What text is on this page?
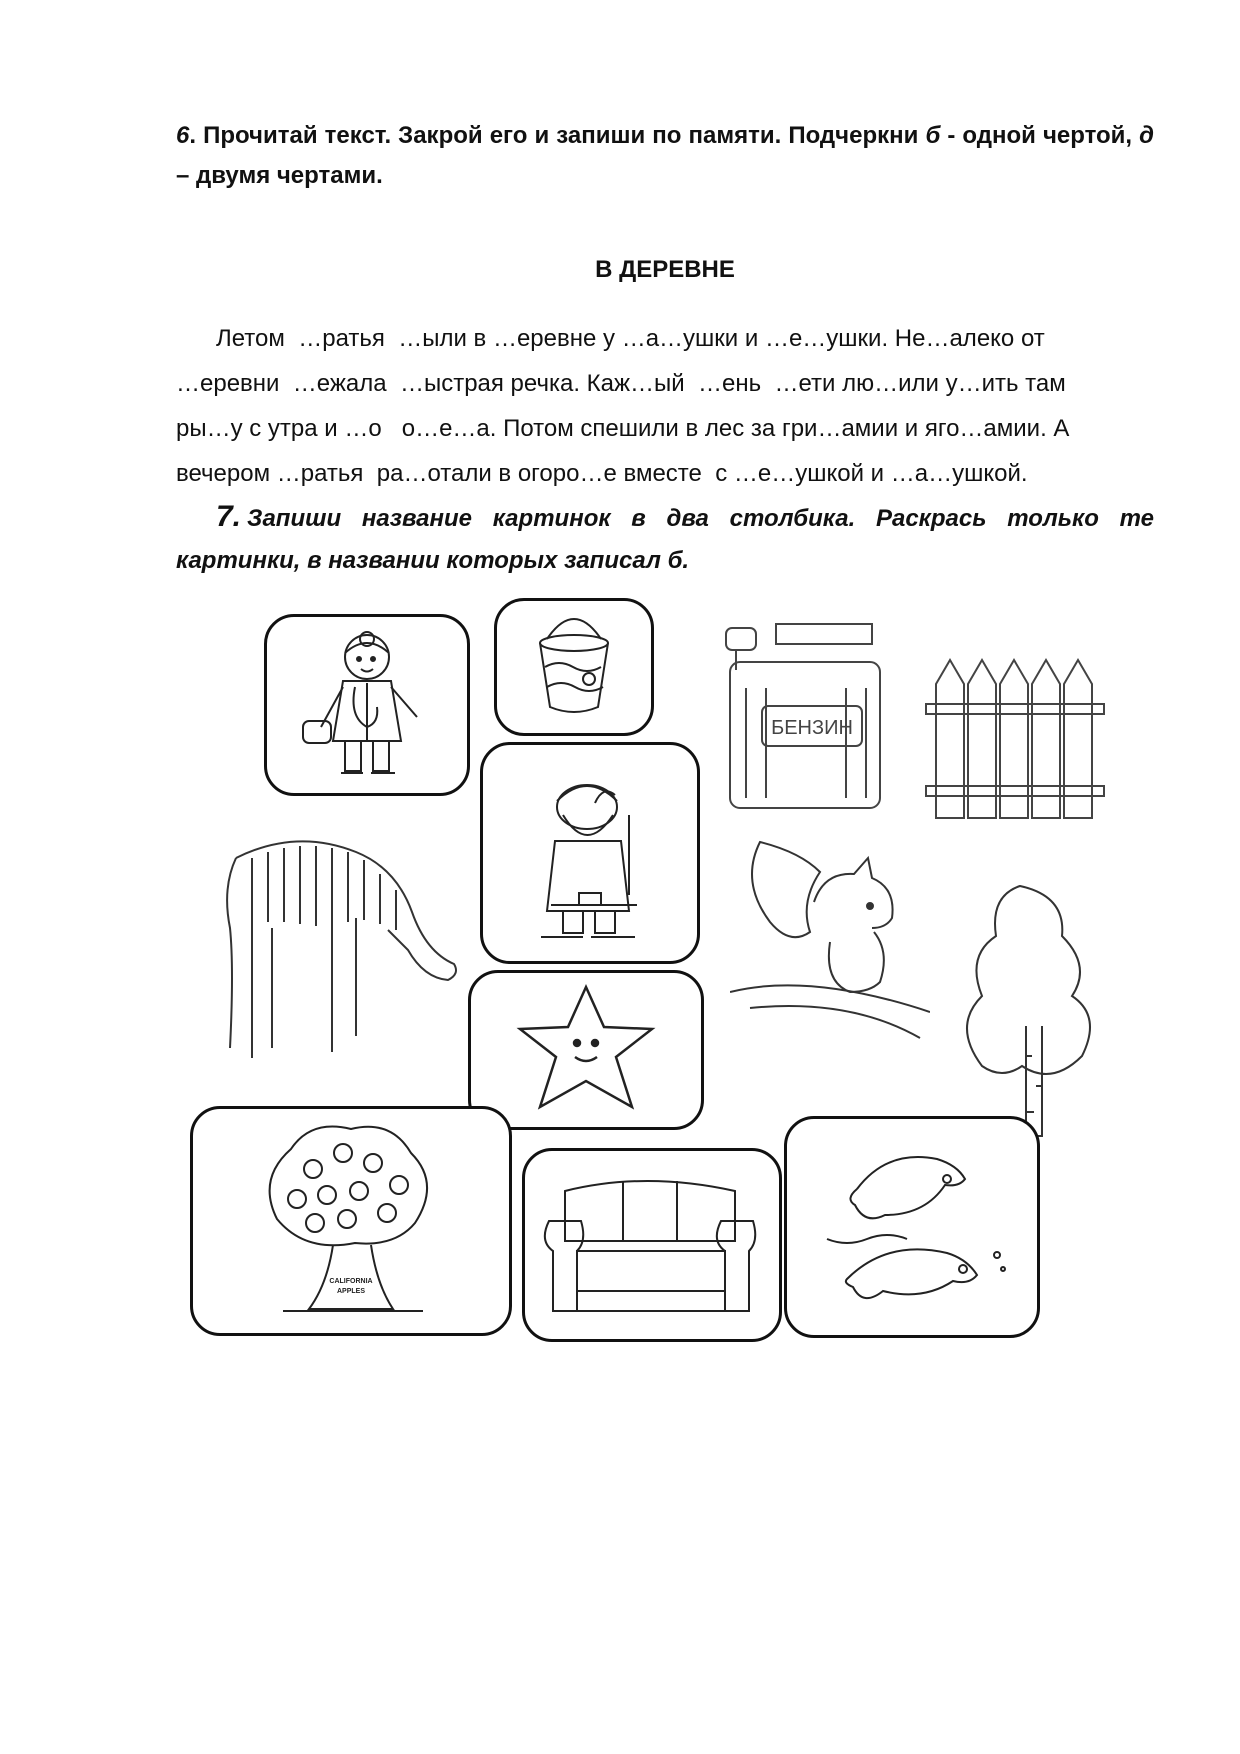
6. Прочитай текст. Закрой его и запиши по памяти. Подчеркни б - одной чертой, д – двумя чертами.
В ДЕРЕВНЕ
Летом  …ратья  …ыли в …еревне у …а…ушки и …е…ушки. Не…алеко от
…еревни  …ежала  …ыстрая речка. Каж…ый  …ень  …ети лю…или у…ить там
ры…у с утра и …о   о…е…а. Потом спешили в лес за гри…амии и яго…амии. А
вечером …ратья  ра…отали в огоро…е вместе  с …е…ушкой и …а…ушкой.
7. Запиши название картинок в два столбика. Раскрась только те картинки, в названии которых записал б.
БЕНЗИН
CALIFORNIA
APPLES
